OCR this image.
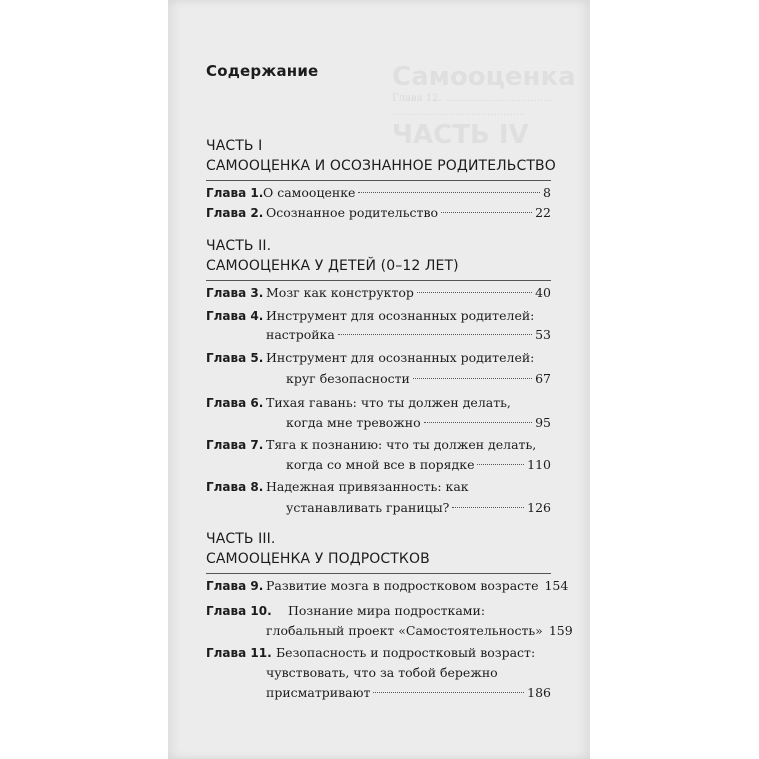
Глава 12. ..................................
..........................................
Содержание
ЧАСТЬ I
САМООЦЕНКА И ОСОЗНАННОЕ РОДИТЕЛЬСТВО
Глава 1. О самооценке	8
Глава 2. Осознанное родительство	22
ЧАСТЬ II.
САМООЦЕНКА У ДЕТЕЙ (0–12 ЛЕТ)
Глава 3. Мозг как конструктор	40
Глава 4. Инструмент для осознанных родителей:
настройка	53
Глава 5. Инструмент для осознанных родителей:
круг безопасности	67
Глава 6. Тихая гавань: что ты должен делать,
когда мне тревожно	95
Глава 7. Тяга к познанию: что ты должен делать,
когда со мной все в порядке	110
Глава 8. Надежная привязанность: как
устанавливать границы?	126
ЧАСТЬ III.
САМООЦЕНКА У ПОДРОСТКОВ
Глава 9. Развитие мозга в подростковом возрасте 154
Глава 10. Познание мира подростками:
глобальный проект «Самостоятельность» 159
Глава 11. Безопасность и подростковый возраст:
чувствовать, что за тобой бережно
присматривают	186
